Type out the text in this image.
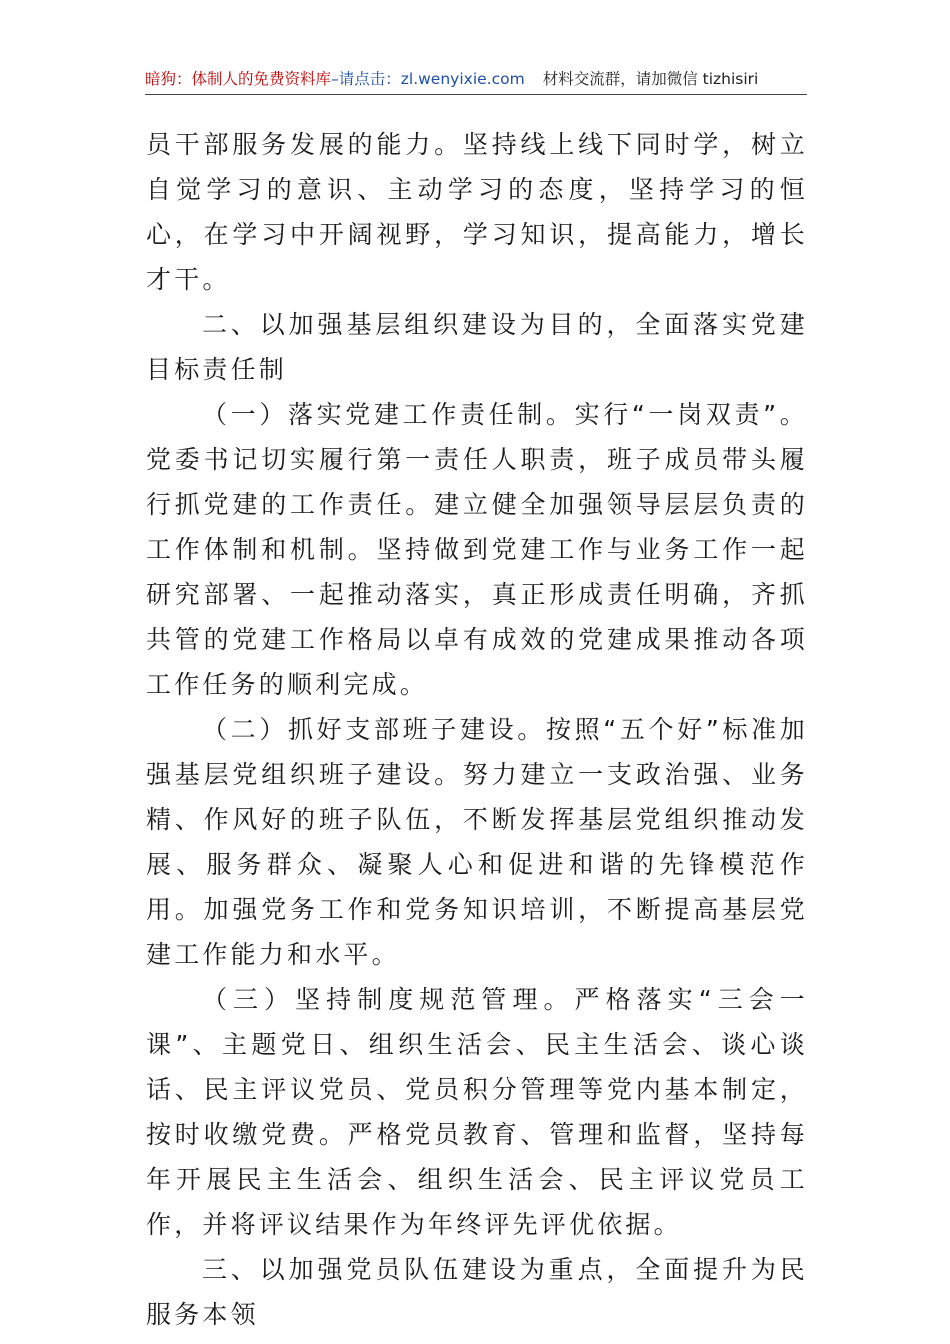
暗狗：体制人的免费资料库–请点击：zl.wenyixie.com 材料交流群，请加微信 tizhisiri

员干部服务发展的能力。坚持线上线下同时学，树立自觉学习的意识、主动学习的态度，坚持学习的恒心，在学习中开阔视野，学习知识，提高能力，增长才干。

二、以加强基层组织建设为目的，全面落实党建目标责任制

（一）落实党建工作责任制。实行“一岗双责”。党委书记切实履行第一责任人职责，班子成员带头履行抓党建的工作责任。建立健全加强领导层层负责的工作体制和机制。坚持做到党建工作与业务工作一起研究部署、一起推动落实，真正形成责任明确，齐抓共管的党建工作格局以卓有成效的党建成果推动各项工作任务的顺利完成。

（二）抓好支部班子建设。按照“五个好”标准加强基层党组织班子建设。努力建立一支政治强、业务精、作风好的班子队伍，不断发挥基层党组织推动发展、服务群众、凝聚人心和促进和谐的先锋模范作用。加强党务工作和党务知识培训，不断提高基层党建工作能力和水平。

（三）坚持制度规范管理。严格落实“三会一课”、主题党日、组织生活会、民主生活会、谈心谈话、民主评议党员、党员积分管理等党内基本制定，按时收缴党费。严格党员教育、管理和监督，坚持每年开展民主生活会、组织生活会、民主评议党员工作，并将评议结果作为年终评先评优依据。

三、以加强党员队伍建设为重点，全面提升为民服务本领
